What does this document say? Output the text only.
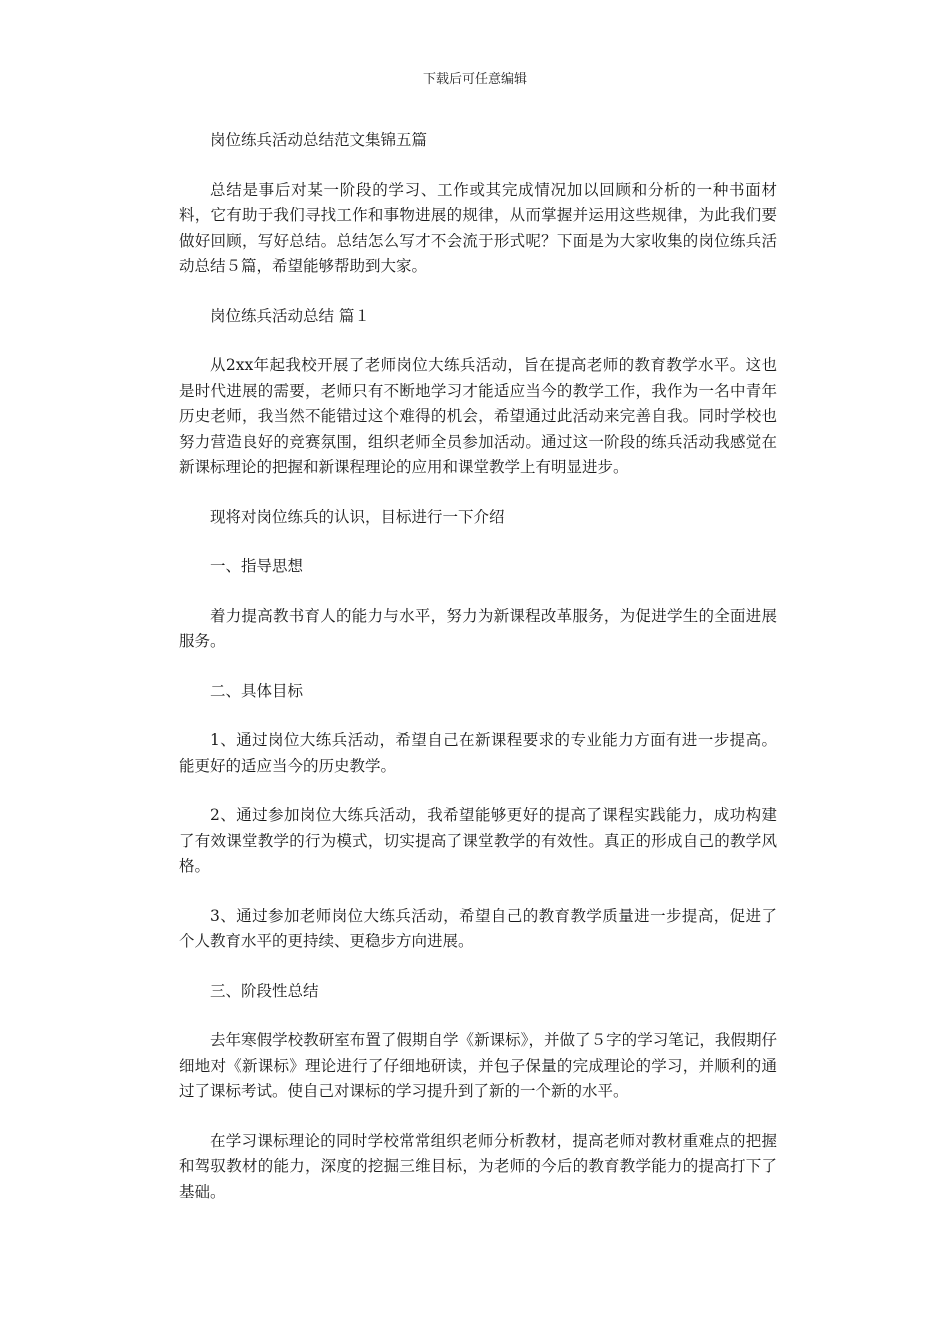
下载后可任意编辑

岗位练兵活动总结范文集锦五篇

总结是事后对某一阶段的学习、工作或其完成情况加以回顾和分析的一种书面材料，它有助于我们寻找工作和事物进展的规律，从而掌握并运用这些规律，为此我们要做好回顾，写好总结。总结怎么写才不会流于形式呢？下面是为大家收集的岗位练兵活动总结５篇，希望能够帮助到大家。

岗位练兵活动总结 篇１

从2xx年起我校开展了老师岗位大练兵活动，旨在提高老师的教育教学水平。这也是时代进展的需要，老师只有不断地学习才能适应当今的教学工作，我作为一名中青年历史老师，我当然不能错过这个难得的机会，希望通过此活动来完善自我。同时学校也努力营造良好的竞赛氛围，组织老师全员参加活动。通过这一阶段的练兵活动我感觉在新课标理论的把握和新课程理论的应用和课堂教学上有明显进步。

现将对岗位练兵的认识，目标进行一下介绍

一、指导思想

着力提高教书育人的能力与水平，努力为新课程改革服务，为促进学生的全面进展服务。

二、具体目标

1、通过岗位大练兵活动，希望自己在新课程要求的专业能力方面有进一步提高。能更好的适应当今的历史教学。

2、通过参加岗位大练兵活动，我希望能够更好的提高了课程实践能力，成功构建了有效课堂教学的行为模式，切实提高了课堂教学的有效性。真正的形成自己的教学风格。

3、通过参加老师岗位大练兵活动，希望自己的教育教学质量进一步提高，促进了个人教育水平的更持续、更稳步方向进展。

三、阶段性总结

去年寒假学校教研室布置了假期自学《新课标》，并做了５字的学习笔记，我假期仔细地对《新课标》理论进行了仔细地研读，并包子保量的完成理论的学习，并顺利的通过了课标考试。使自己对课标的学习提升到了新的一个新的水平。

在学习课标理论的同时学校常常组织老师分析教材，提高老师对教材重难点的把握和驾驭教材的能力，深度的挖掘三维目标，为老师的今后的教育教学能力的提高打下了基础。
